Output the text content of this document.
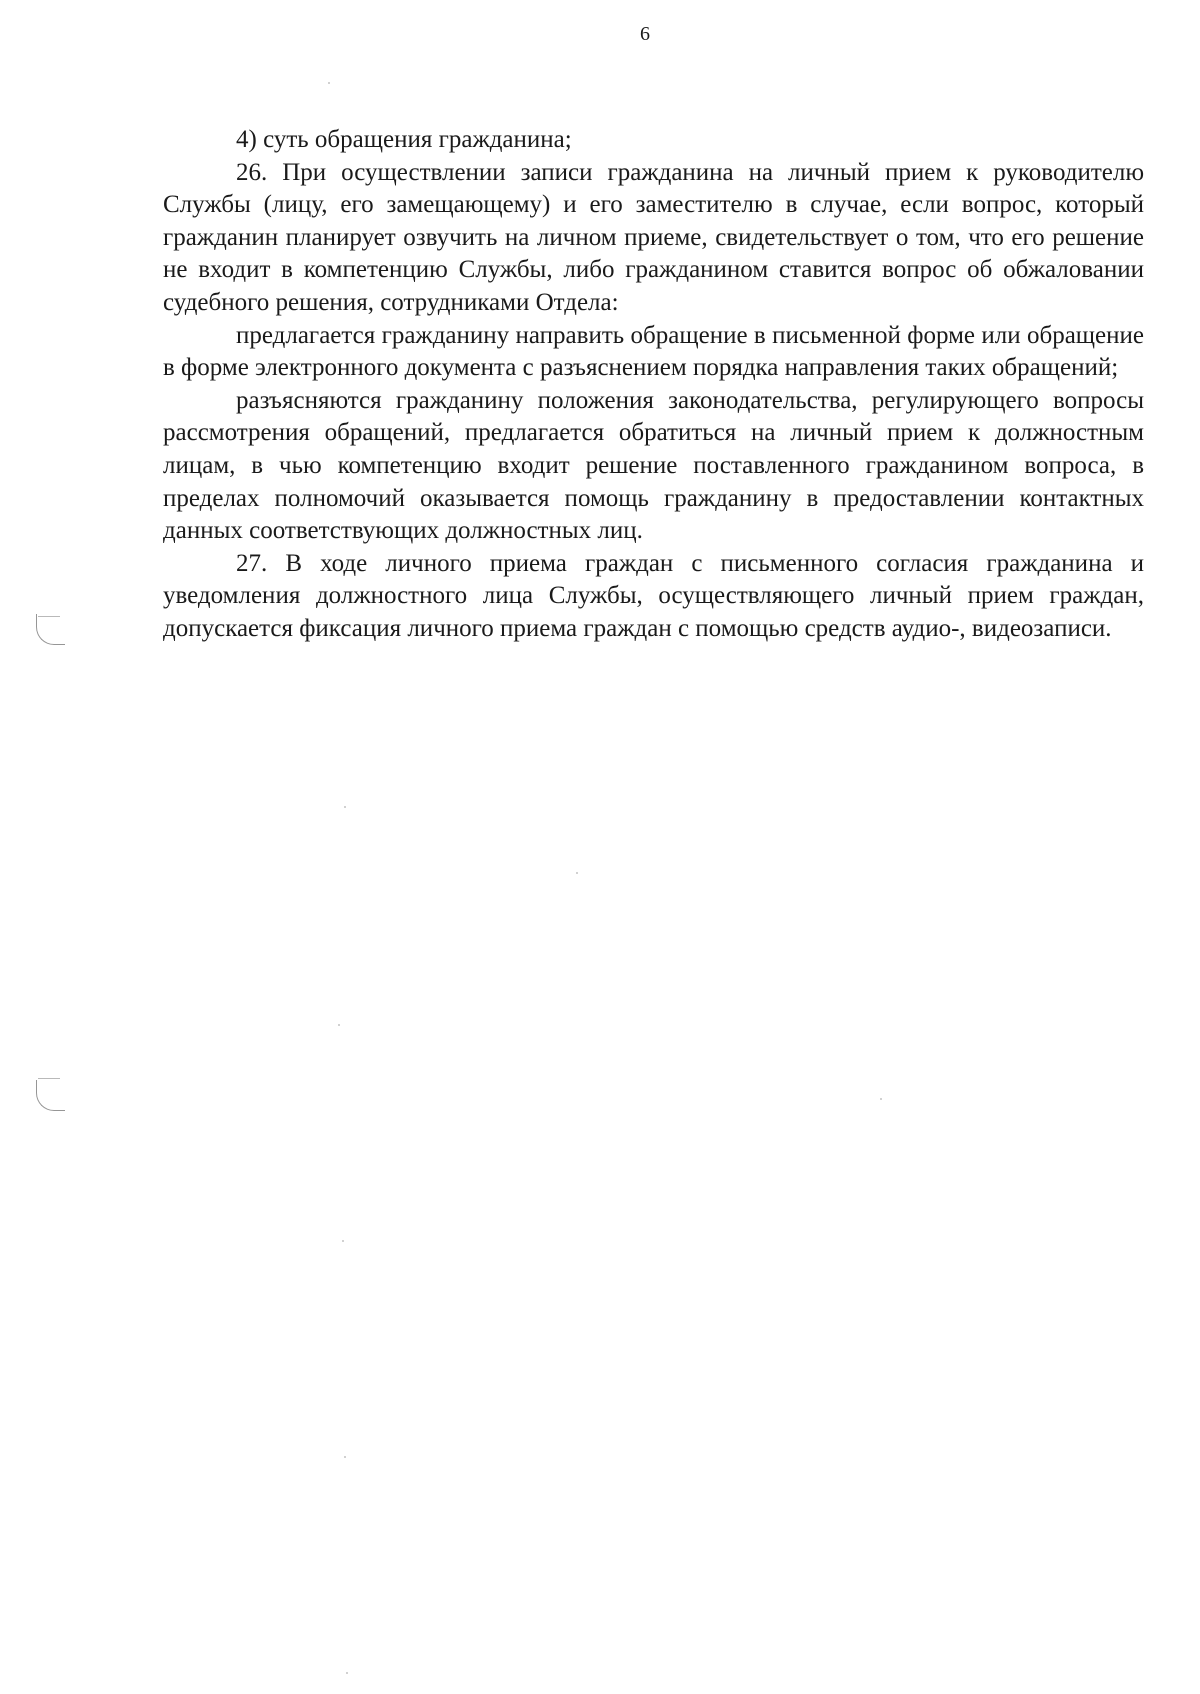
6

4) суть обращения гражданина;

26. При осуществлении записи гражданина на личный прием к руководителю Службы (лицу, его замещающему) и его заместителю в случае, если вопрос, который гражданин планирует озвучить на личном приеме, свидетельствует о том, что его решение не входит в компетенцию Службы, либо гражданином ставится вопрос об обжаловании судебного решения, сотрудниками Отдела:

предлагается гражданину направить обращение в письменной форме или обращение в форме электронного документа с разъяснением порядка направления таких обращений;

разъясняются гражданину положения законодательства, регулирующего вопросы рассмотрения обращений, предлагается обратиться на личный прием к должностным лицам, в чью компетенцию входит решение поставленного гражданином вопроса, в пределах полномочий оказывается помощь гражданину в предоставлении контактных данных соответствующих должностных лиц.

27. В ходе личного приема граждан с письменного согласия гражданина и уведомления должностного лица Службы, осуществляющего личный прием граждан, допускается фиксация личного приема граждан с помощью средств аудио-, видеозаписи.
